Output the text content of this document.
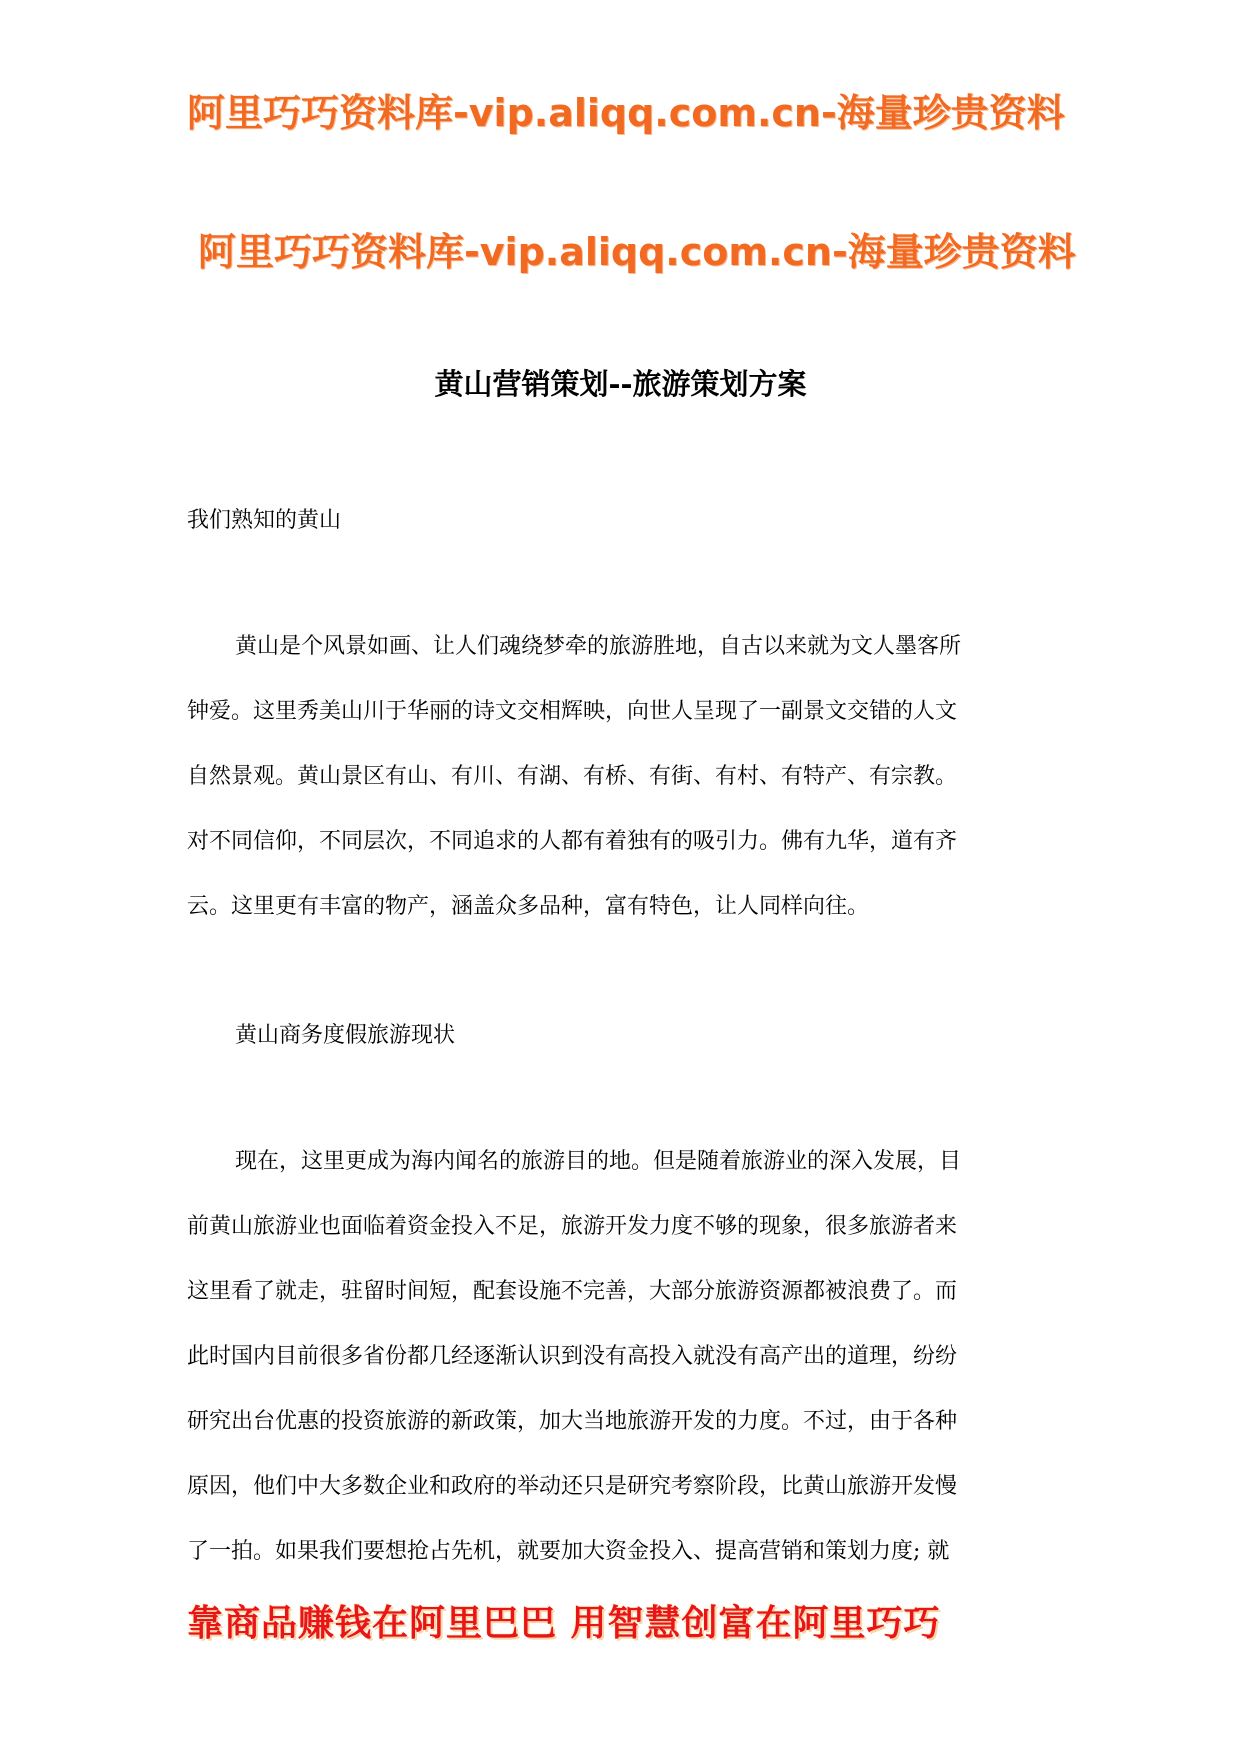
阿里巧巧资料库-vip.aliqq.com.cn-海量珍贵资料
阿里巧巧资料库-vip.aliqq.com.cn-海量珍贵资料
黄山营销策划--旅游策划方案
我们熟知的黄山
黄山是个风景如画、让人们魂绕梦牵的旅游胜地，自古以来就为文人墨客所
钟爱。这里秀美山川于华丽的诗文交相辉映，向世人呈现了一副景文交错的人文
自然景观。黄山景区有山、有川、有湖、有桥、有街、有村、有特产、有宗教。
对不同信仰，不同层次，不同追求的人都有着独有的吸引力。佛有九华，道有齐
云。这里更有丰富的物产，涵盖众多品种，富有特色，让人同样向往。
黄山商务度假旅游现状
现在，这里更成为海内闻名的旅游目的地。但是随着旅游业的深入发展，目
前黄山旅游业也面临着资金投入不足，旅游开发力度不够的现象，很多旅游者来
这里看了就走，驻留时间短，配套设施不完善，大部分旅游资源都被浪费了。而
此时国内目前很多省份都几经逐渐认识到没有高投入就没有高产出的道理，纷纷
研究出台优惠的投资旅游的新政策，加大当地旅游开发的力度。不过，由于各种
原因，他们中大多数企业和政府的举动还只是研究考察阶段，比黄山旅游开发慢
了一拍。如果我们要想抢占先机，就要加大资金投入、提高营销和策划力度; 就
靠商品赚钱在阿里巴巴 用智慧创富在阿里巧巧
